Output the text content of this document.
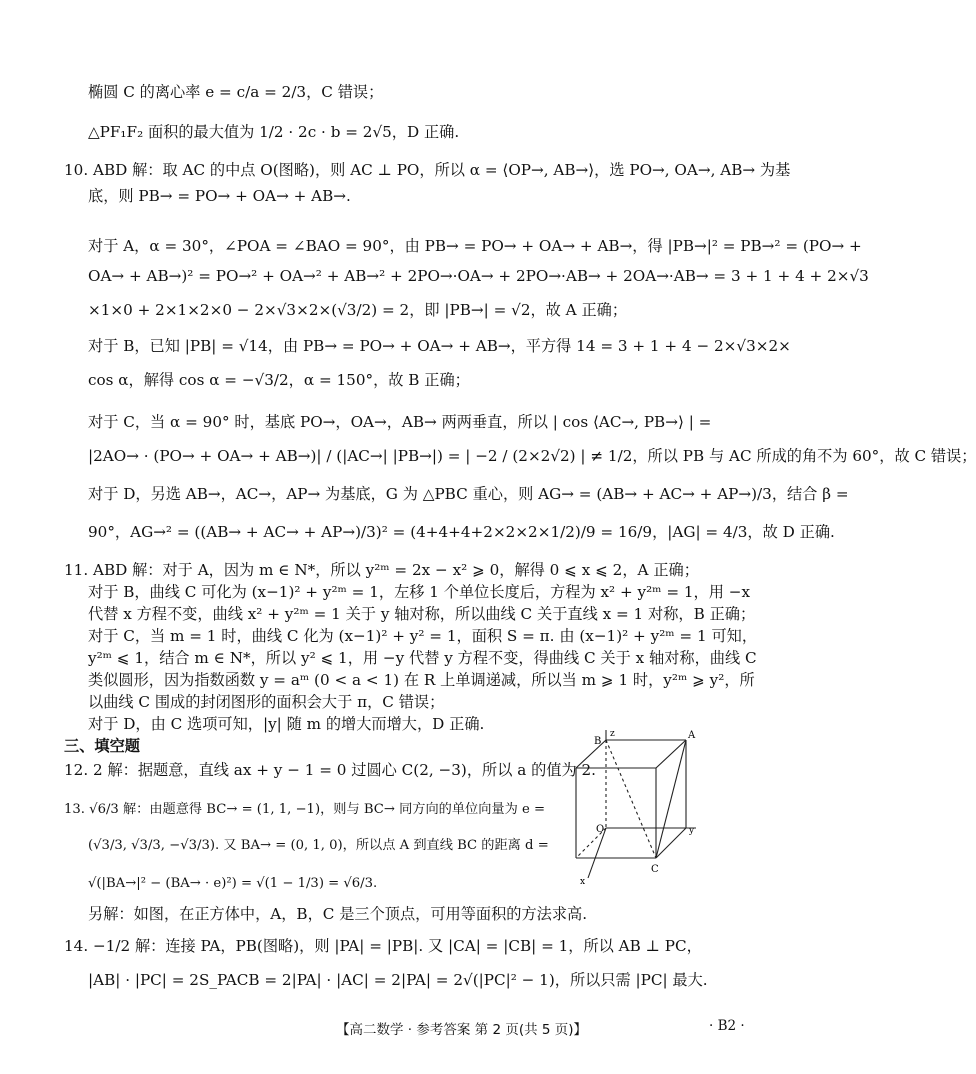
椭圆 C 的离心率 e = c/a = 2/3，C 错误；
△PF₁F₂ 面积的最大值为 1/2 · 2c · b = 2√5，D 正确.
10. ABD 解：取 AC 的中点 O(图略)，则 AC ⊥ PO，所以 α = ⟨OP→, AB→⟩，选 PO→, OA→, AB→ 为基
底，则 PB→ = PO→ + OA→ + AB→.
对于 A，α = 30°，∠POA = ∠BAO = 90°，由 PB→ = PO→ + OA→ + AB→，得 |PB→|² = PB→² = (PO→ +
OA→ + AB→)² = PO→² + OA→² + AB→² + 2PO→·OA→ + 2PO→·AB→ + 2OA→·AB→ = 3 + 1 + 4 + 2×√3
×1×0 + 2×1×2×0 − 2×√3×2×(√3/2) = 2，即 |PB→| = √2，故 A 正确；
对于 B，已知 |PB| = √14，由 PB→ = PO→ + OA→ + AB→，平方得 14 = 3 + 1 + 4 − 2×√3×2×
cos α，解得 cos α = −√3/2，α = 150°，故 B 正确；
对于 C，当 α = 90° 时，基底 PO→，OA→，AB→ 两两垂直，所以 | cos ⟨AC→, PB→⟩ | =
|2AO→ · (PO→ + OA→ + AB→)| / (|AC→| |PB→|) = | −2 / (2×2√2) | ≠ 1/2，所以 PB 与 AC 所成的角不为 60°，故 C 错误；
对于 D，另选 AB→，AC→，AP→ 为基底，G 为 △PBC 重心，则 AG→ = (AB→ + AC→ + AP→)/3，结合 β =
90°，AG→² = ((AB→ + AC→ + AP→)/3)² = (4+4+4+2×2×2×1/2)/9 = 16/9，|AG| = 4/3，故 D 正确.
11. ABD 解：对于 A，因为 m ∈ N*，所以 y²ᵐ = 2x − x² ⩾ 0，解得 0 ⩽ x ⩽ 2，A 正确；
对于 B，曲线 C 可化为 (x−1)² + y²ᵐ = 1，左移 1 个单位长度后，方程为 x² + y²ᵐ = 1，用 −x
代替 x 方程不变，曲线 x² + y²ᵐ = 1 关于 y 轴对称，所以曲线 C 关于直线 x = 1 对称，B 正确；
对于 C，当 m = 1 时，曲线 C 化为 (x−1)² + y² = 1，面积 S = π. 由 (x−1)² + y²ᵐ = 1 可知，
y²ᵐ ⩽ 1，结合 m ∈ N*，所以 y² ⩽ 1，用 −y 代替 y 方程不变，得曲线 C 关于 x 轴对称，曲线 C
类似圆形，因为指数函数 y = aᵐ (0 < a < 1) 在 R 上单调递减，所以当 m ⩾ 1 时，y²ᵐ ⩾ y²，所
以曲线 C 围成的封闭图形的面积会大于 π，C 错误；
对于 D，由 C 选项可知，|y| 随 m 的增大而增大，D 正确.
三、填空题
12. 2 解：据题意，直线 ax + y − 1 = 0 过圆心 C(2, −3)，所以 a 的值为 2.
13. √6/3 解：由题意得 BC→ = (1, 1, −1)，则与 BC→ 同方向的单位向量为 e =
(√3/3, √3/3, −√3/3). 又 BA→ = (0, 1, 0)，所以点 A 到直线 BC 的距离 d =
√(|BA→|² − (BA→ · e)²) = √(1 − 1/3) = √6/3.
另解：如图，在正方体中，A，B，C 是三个顶点，可用等面积的方法求高.
14. −1/2 解：连接 PA，PB(图略)，则 |PA| = |PB|. 又 |CA| = |CB| = 1，所以 AB ⊥ PC，
|AB| · |PC| = 2S_PACB = 2|PA| · |AC| = 2|PA| = 2√(|PC|² − 1)，所以只需 |PC| 最大.
z
y
x
A
B
C
O
【高二数学 · 参考答案 第 2 页(共 5 页)】	· B2 ·
